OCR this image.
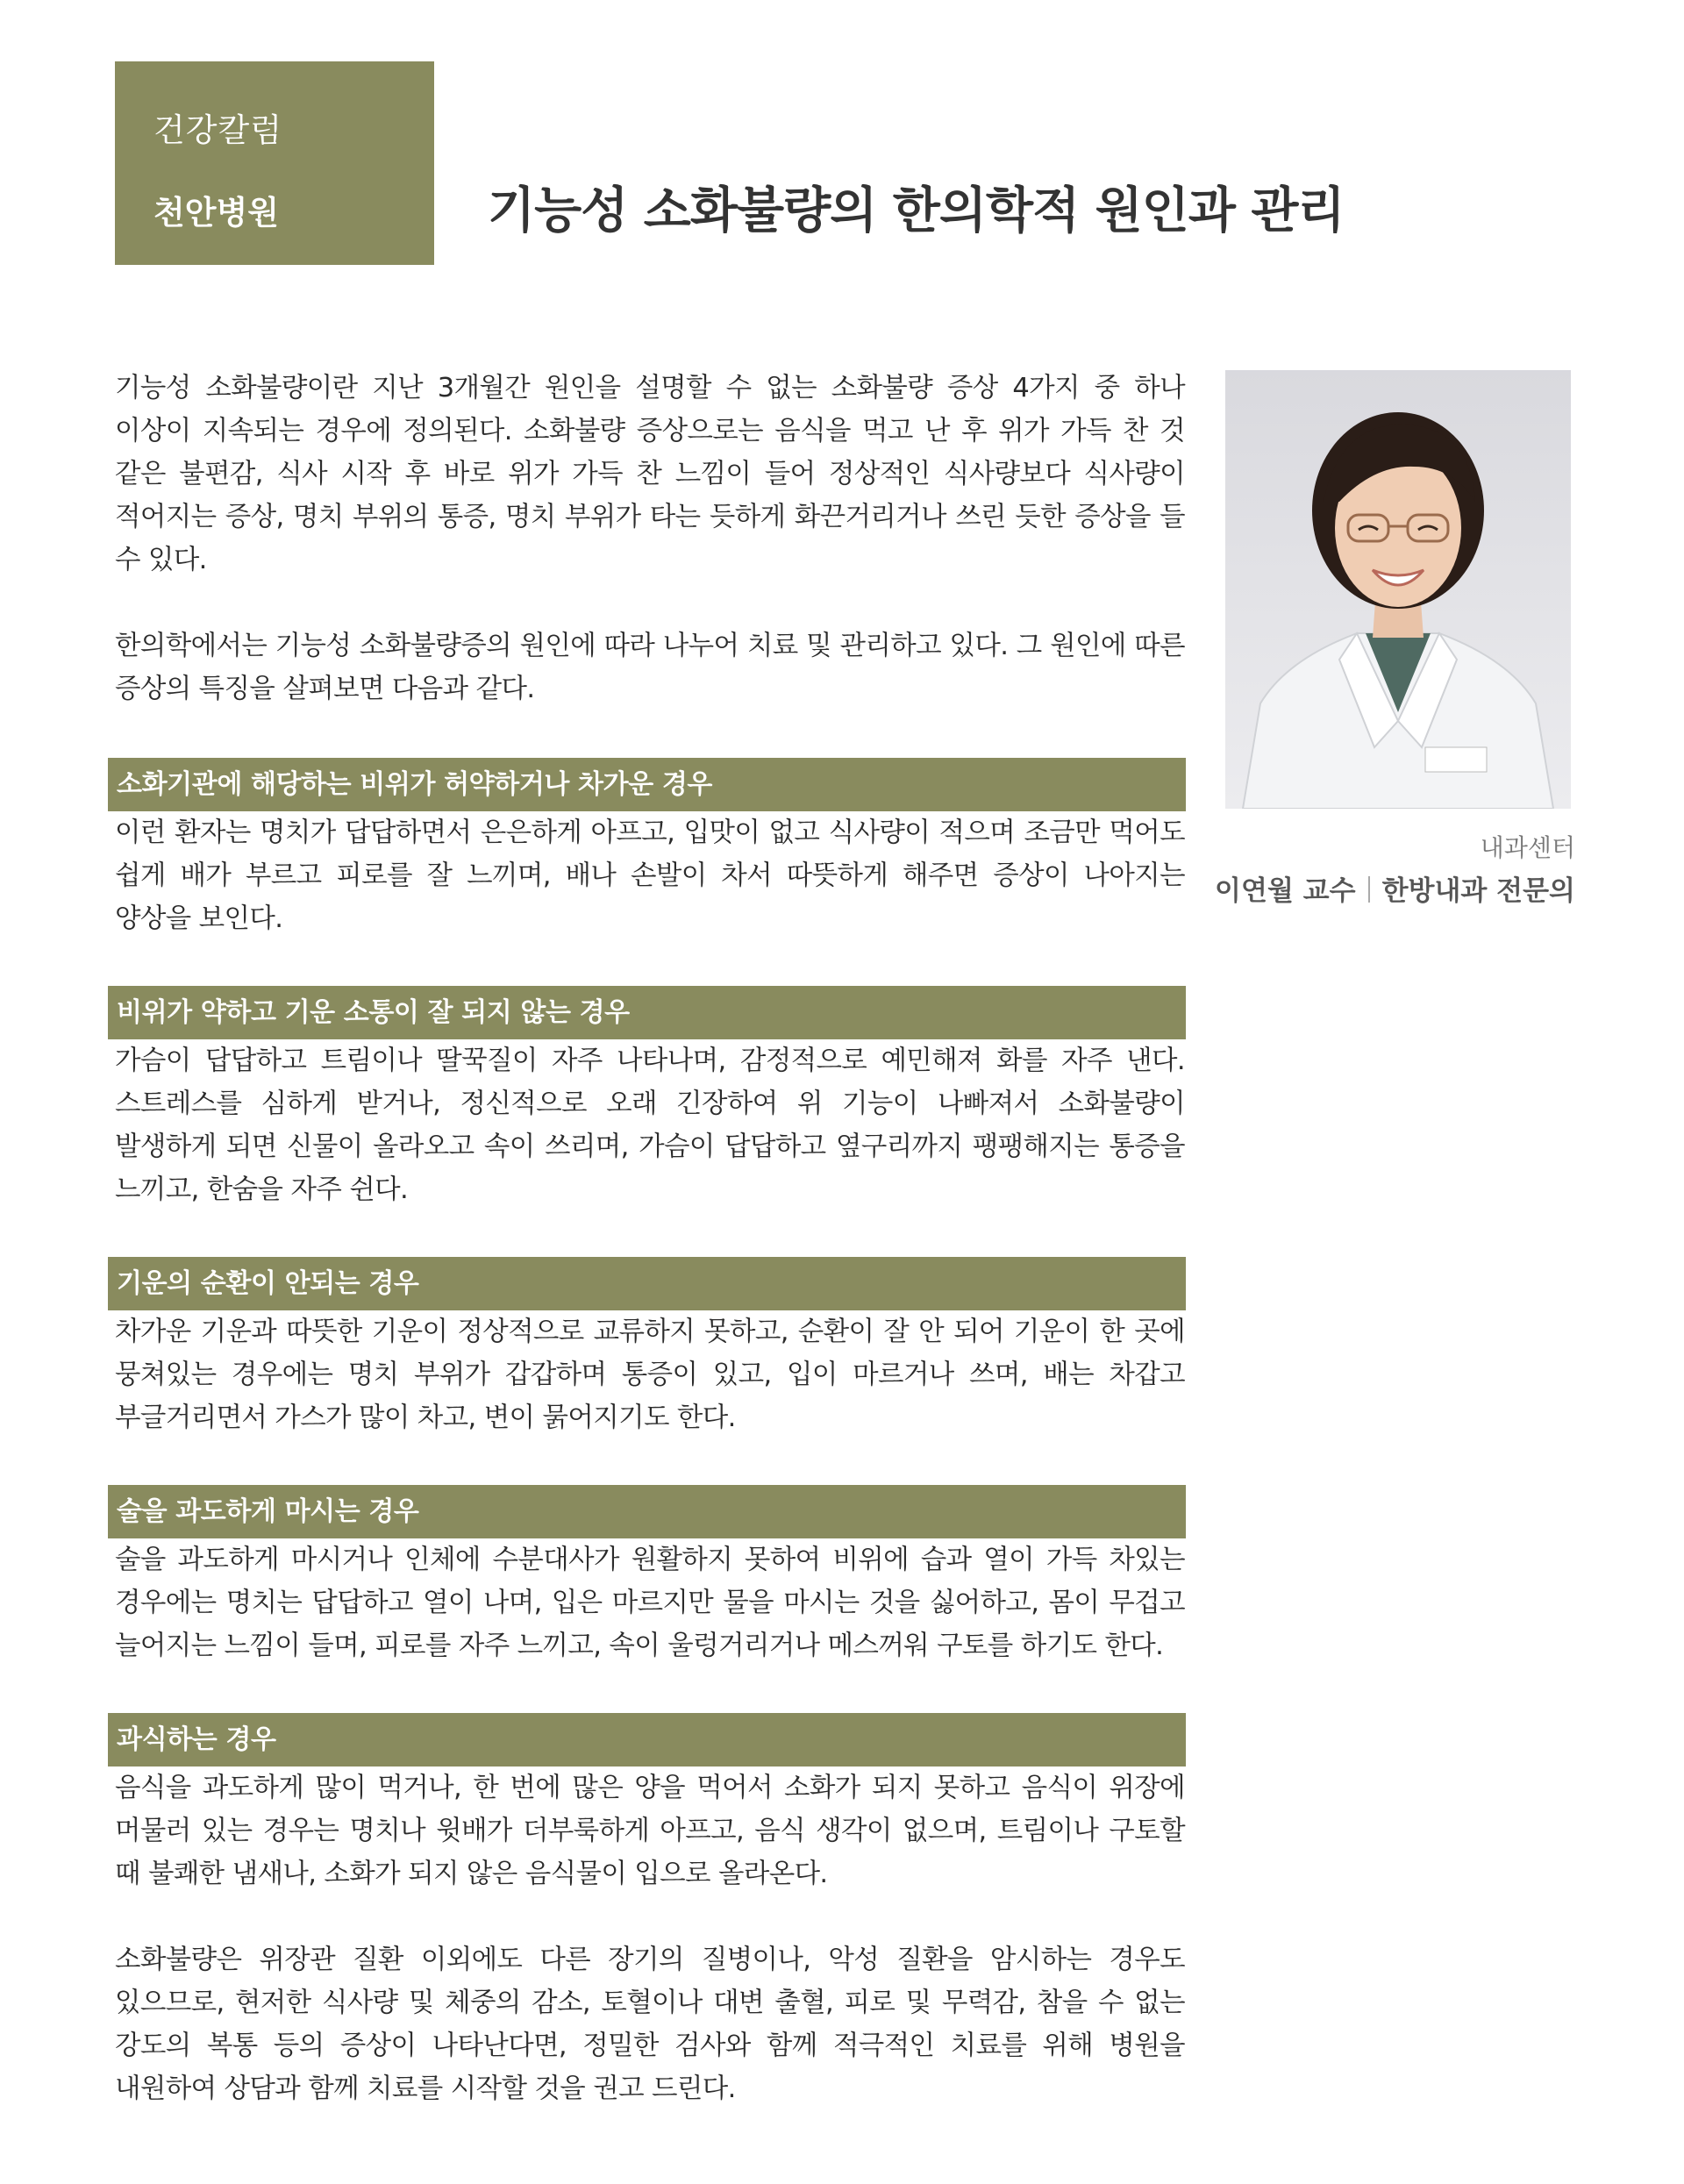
건강칼럼
천안병원	기능성 소화불량의 한의학적 원인과 관리

기능성 소화불량이란 지난 3개월간 원인을 설명할 수 없는 소화불량 증상 4가지 중 하나 이상이 지속되는 경우에 정의된다. 소화불량 증상으로는 음식을 먹고 난 후 위가 가득 찬 것 같은 불편감, 식사 시작 후 바로 위가 가득 찬 느낌이 들어 정상적인 식사량보다 식사량이 적어지는 증상, 명치 부위의 통증, 명치 부위가 타는 듯하게 화끈거리거나 쓰린 듯한 증상을 들 수 있다.

한의학에서는 기능성 소화불량증의 원인에 따라 나누어 치료 및 관리하고 있다. 그 원인에 따른 증상의 특징을 살펴보면 다음과 같다.

소화기관에 해당하는 비위가 허약하거나 차가운 경우

이런 환자는 명치가 답답하면서 은은하게 아프고, 입맛이 없고 식사량이 적으며 조금만 먹어도 쉽게 배가 부르고 피로를 잘 느끼며, 배나 손발이 차서 따뜻하게 해주면 증상이 나아지는 양상을 보인다.

비위가 약하고 기운 소통이 잘 되지 않는 경우

가슴이 답답하고 트림이나 딸꾹질이 자주 나타나며, 감정적으로 예민해져 화를 자주 낸다. 스트레스를 심하게 받거나, 정신적으로 오래 긴장하여 위 기능이 나빠져서 소화불량이 발생하게 되면 신물이 올라오고 속이 쓰리며, 가슴이 답답하고 옆구리까지 팽팽해지는 통증을 느끼고, 한숨을 자주 쉰다.

기운의 순환이 안되는 경우

차가운 기운과 따뜻한 기운이 정상적으로 교류하지 못하고, 순환이 잘 안 되어 기운이 한 곳에 뭉쳐있는 경우에는 명치 부위가 갑갑하며 통증이 있고, 입이 마르거나 쓰며, 배는 차갑고 부글거리면서 가스가 많이 차고, 변이 묽어지기도 한다.

술을 과도하게 마시는 경우

술을 과도하게 마시거나 인체에 수분대사가 원활하지 못하여 비위에 습과 열이 가득 차있는 경우에는 명치는 답답하고 열이 나며, 입은 마르지만 물을 마시는 것을 싫어하고, 몸이 무겁고 늘어지는 느낌이 들며, 피로를 자주 느끼고, 속이 울렁거리거나 메스꺼워 구토를 하기도 한다.

과식하는 경우

음식을 과도하게 많이 먹거나, 한 번에 많은 양을 먹어서 소화가 되지 못하고 음식이 위장에 머물러 있는 경우는 명치나 윗배가 더부룩하게 아프고, 음식 생각이 없으며, 트림이나 구토할 때 불쾌한 냄새나, 소화가 되지 않은 음식물이 입으로 올라온다.

소화불량은 위장관 질환 이외에도 다른 장기의 질병이나, 악성 질환을 암시하는 경우도 있으므로, 현저한 식사량 및 체중의 감소, 토혈이나 대변 출혈, 피로 및 무력감, 참을 수 없는 강도의 복통 등의 증상이 나타난다면, 정밀한 검사와 함께 적극적인 치료를 위해 병원을 내원하여 상담과 함께 치료를 시작할 것을 권고 드린다.

내과센터
이연월 교수 한방내과 전문의
